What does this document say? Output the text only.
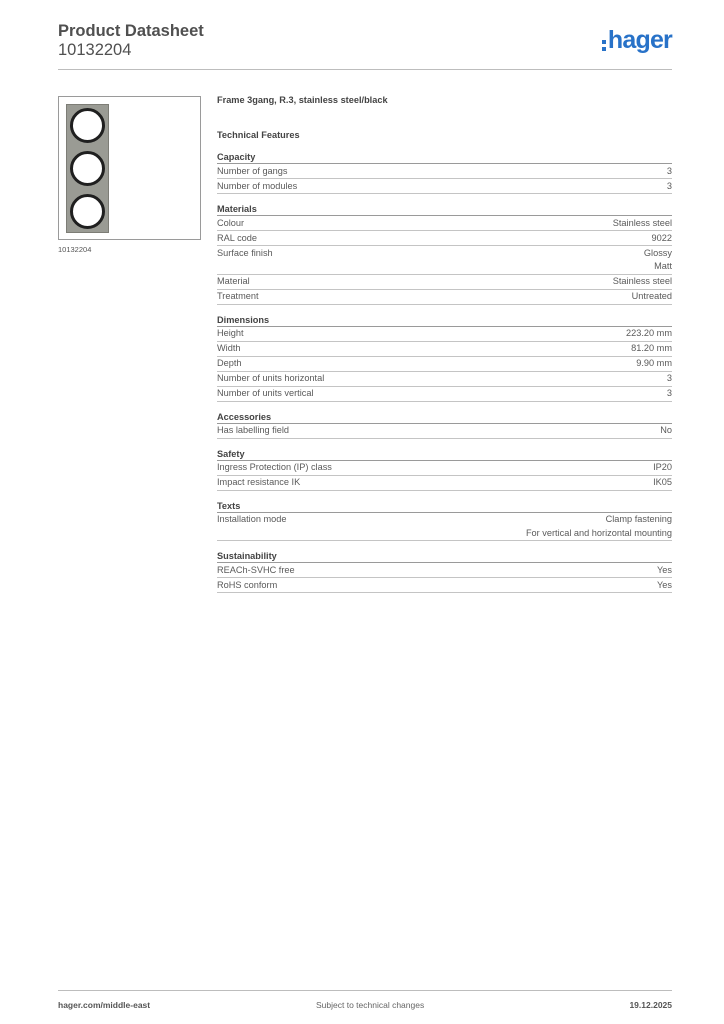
Product Datasheet
10132204	hager
10132204
Frame 3gang, R.3, stainless steel/black
Technical Features
Capacity
Number of gangs	3
Number of modules	3
Materials
Colour	Stainless steel
RAL code	9022
Surface finish	Glossy
Matt
Material	Stainless steel
Treatment	Untreated
Dimensions
Height	223.20 mm
Width	81.20 mm
Depth	9.90 mm
Number of units horizontal	3
Number of units vertical	3
Accessories
Has labelling field	No
Safety
Ingress Protection (IP) class	IP20
Impact resistance IK	IK05
Texts
Installation mode	Clamp fastening
For vertical and horizontal mounting
Sustainability
REACh-SVHC free	Yes
RoHS conform	Yes
hager.com/middle-east	Subject to technical changes	19.12.2025
